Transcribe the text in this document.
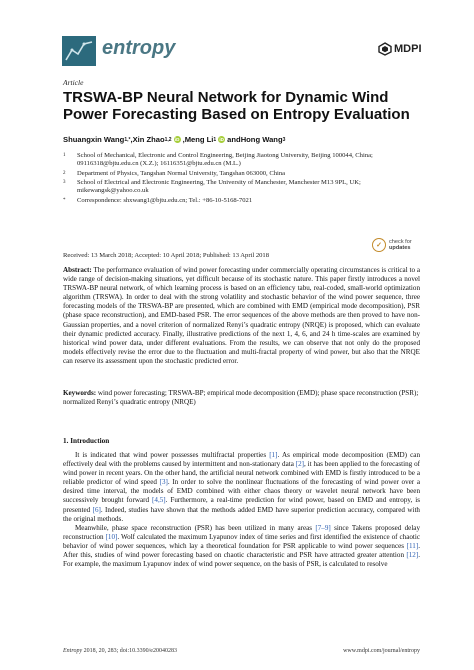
entropy	MDPI
Article
TRSWA-BP Neural Network for Dynamic Wind Power Forecasting Based on Entropy Evaluation
Shuangxin Wang 1,* , Xin Zhao 1,2 iD , Meng Li 1 iD and Hong Wang 3
1 School of Mechanical, Electronic and Control Engineering, Beijing Jiaotong University, Beijing 100044, China; 09116318@bjtu.edu.cn (X.Z.); 16116351@bjtu.edu.cn (M.L.)
2 Department of Physics, Tangshan Normal University, Tangshan 063000, China
3 School of Electrical and Electronic Engineering, The University of Manchester, Manchester M13 9PL, UK; mikewangsk@yahoo.co.uk
* Correspondence: shxwang1@bjtu.edu.cn; Tel.: +86-10-5168-7021
Received: 13 March 2018; Accepted: 10 April 2018; Published: 13 April 2018
✓	check for
updates

Abstract: The performance evaluation of wind power forecasting under commercially operating circumstances is critical to a wide range of decision-making situations, yet difficult because of its stochastic nature. This paper firstly introduces a novel TRSWA-BP neural network, of which learning process is based on an efficiency tabu, real-coded, small-world optimization algorithm (TRSWA). In order to deal with the strong volatility and stochastic behavior of the wind power sequence, three forecasting models of the TRSWA-BP are presented, which are combined with EMD (empirical mode decomposition), PSR (phase space reconstruction), and EMD-based PSR. The error sequences of the above methods are then proved to have non-Gaussian properties, and a novel criterion of normalized Renyi’s quadratic entropy (NRQE) is proposed, which can evaluate their dynamic predicted accuracy. Finally, illustrative predictions of the next 1, 4, 6, and 24 h time-scales are examined by historical wind power data, under different evaluations. From the results, we can observe that not only do the proposed models effectively revise the error due to the fluctuation and multi-fractal property of wind power, but also that the NRQE can reserve its assessment upon the stochastic predicted error.

Keywords: wind power forecasting; TRSWA-BP; empirical mode decomposition (EMD); phase space reconstruction (PSR); normalized Renyi’s quadratic entropy (NRQE)

1. Introduction

It is indicated that wind power possesses multifractal properties [1]. As empirical mode decomposition (EMD) can effectively deal with the problems caused by intermittent and non-stationary data [2], it has been applied to the forecasting of wind power in recent years. On the other hand, the artificial neural network combined with EMD is firstly introduced to be a reliable predictor of wind speed [3]. In order to solve the nonlinear fluctuations of the forecasting of wind power over a desired time interval, the models of EMD combined with either chaos theory or wavelet neural network have been successively brought forward [4,5]. Furthermore, a real-time prediction for wind power, based on EMD and entropy, is presented [6]. Indeed, studies have shown that the methods added EMD have superior prediction accuracy, compared with the original methods.

Meanwhile, phase space reconstruction (PSR) has been utilized in many areas [7–9] since Takens proposed delay reconstruction [10]. Wolf calculated the maximum Lyapunov index of time series and first identified the existence of chaotic behavior of wind power sequences, which lay a theoretical foundation for PSR applicable to wind power sequences [11]. After this, studies of wind power forecasting based on chaotic characteristic and PSR have attracted greater attention [12]. For example, the maximum Lyapunov index of wind power sequence, on the basis of PSR, is calculated to resolve

Entropy 2018, 20, 283; doi:10.3390/e20040283	www.mdpi.com/journal/entropy
